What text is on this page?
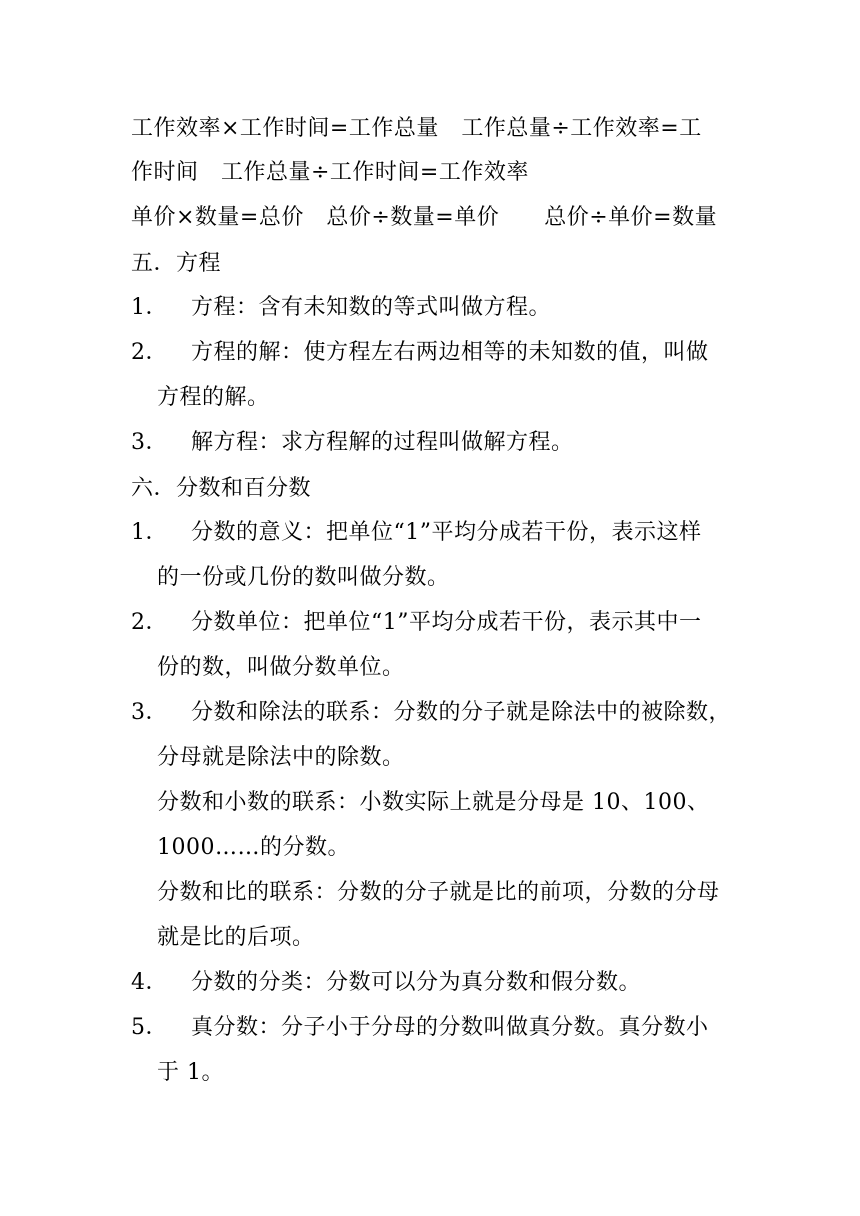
工作效率×工作时间=工作总量　工作总量÷工作效率=工
作时间　工作总量÷工作时间=工作效率
单价×数量=总价　总价÷数量=单价　　总价÷单价=数量
五．方程
1． 方程：含有未知数的等式叫做方程。
2． 方程的解：使方程左右两边相等的未知数的值，叫做
方程的解。
3． 解方程：求方程解的过程叫做解方程。
六．分数和百分数
1． 分数的意义：把单位“1”平均分成若干份，表示这样
的一份或几份的数叫做分数。
2． 分数单位：把单位“1”平均分成若干份，表示其中一
份的数，叫做分数单位。
3． 分数和除法的联系：分数的分子就是除法中的被除数，
分母就是除法中的除数。
分数和小数的联系：小数实际上就是分母是 10、100、
1000……的分数。
分数和比的联系：分数的分子就是比的前项，分数的分母
就是比的后项。
4． 分数的分类：分数可以分为真分数和假分数。
5． 真分数：分子小于分母的分数叫做真分数。真分数小
于 1。
